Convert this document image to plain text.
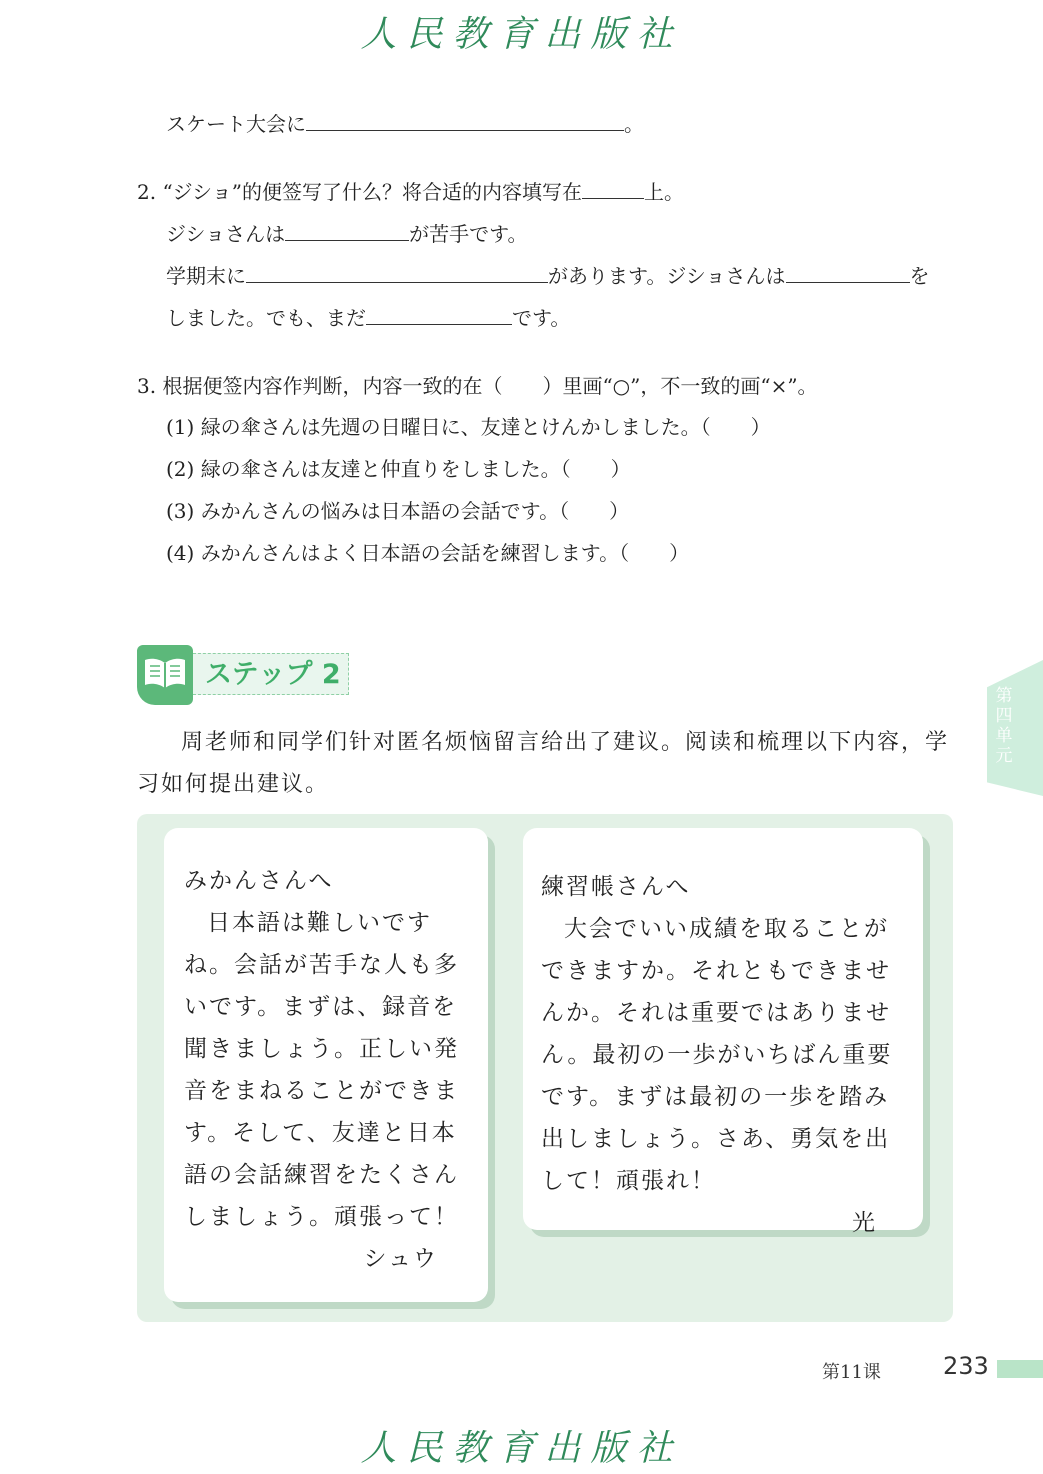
人民教育出版社
スケート大会に	。
2. “ジショ”的便签写了什么？将合适的内容填写在	上。
ジショさんは	が苦手です。
学期末に	があります。ジショさんは	を
しました。でも、まだ	です。
3. 根据便签内容作判断，内容一致的在（　　）里画“○”，不一致的画“×”。
(1) 緑の傘さんは先週の日曜日に、友達とけんかしました。（　　）
(2) 緑の傘さんは友達と仲直りをしました。（　　）
(3) みかんさんの悩みは日本語の会話です。（　　）
(4) みかんさんはよく日本語の会話を練習します。（　　）
ステップ 2
第四单元
周老师和同学们针对匿名烦恼留言给出了建议。阅读和梳理以下内容，学习如何提出建议。
みかんさんへ
日本語は難しいですね。会話が苦手な人も多いです。まずは、録音を聞きましょう。正しい発音をまねることができます。そして、友達と日本語の会話練習をたくさんしましょう。頑張って！
シュウ
練習帳さんへ
大会でいい成績を取ることができますか。それともできませんか。それは重要ではありません。最初の一歩がいちばん重要です。まずは最初の一歩を踏み出しましょう。さあ、勇気を出して！頑張れ！
光
第11课	233
人民教育出版社
